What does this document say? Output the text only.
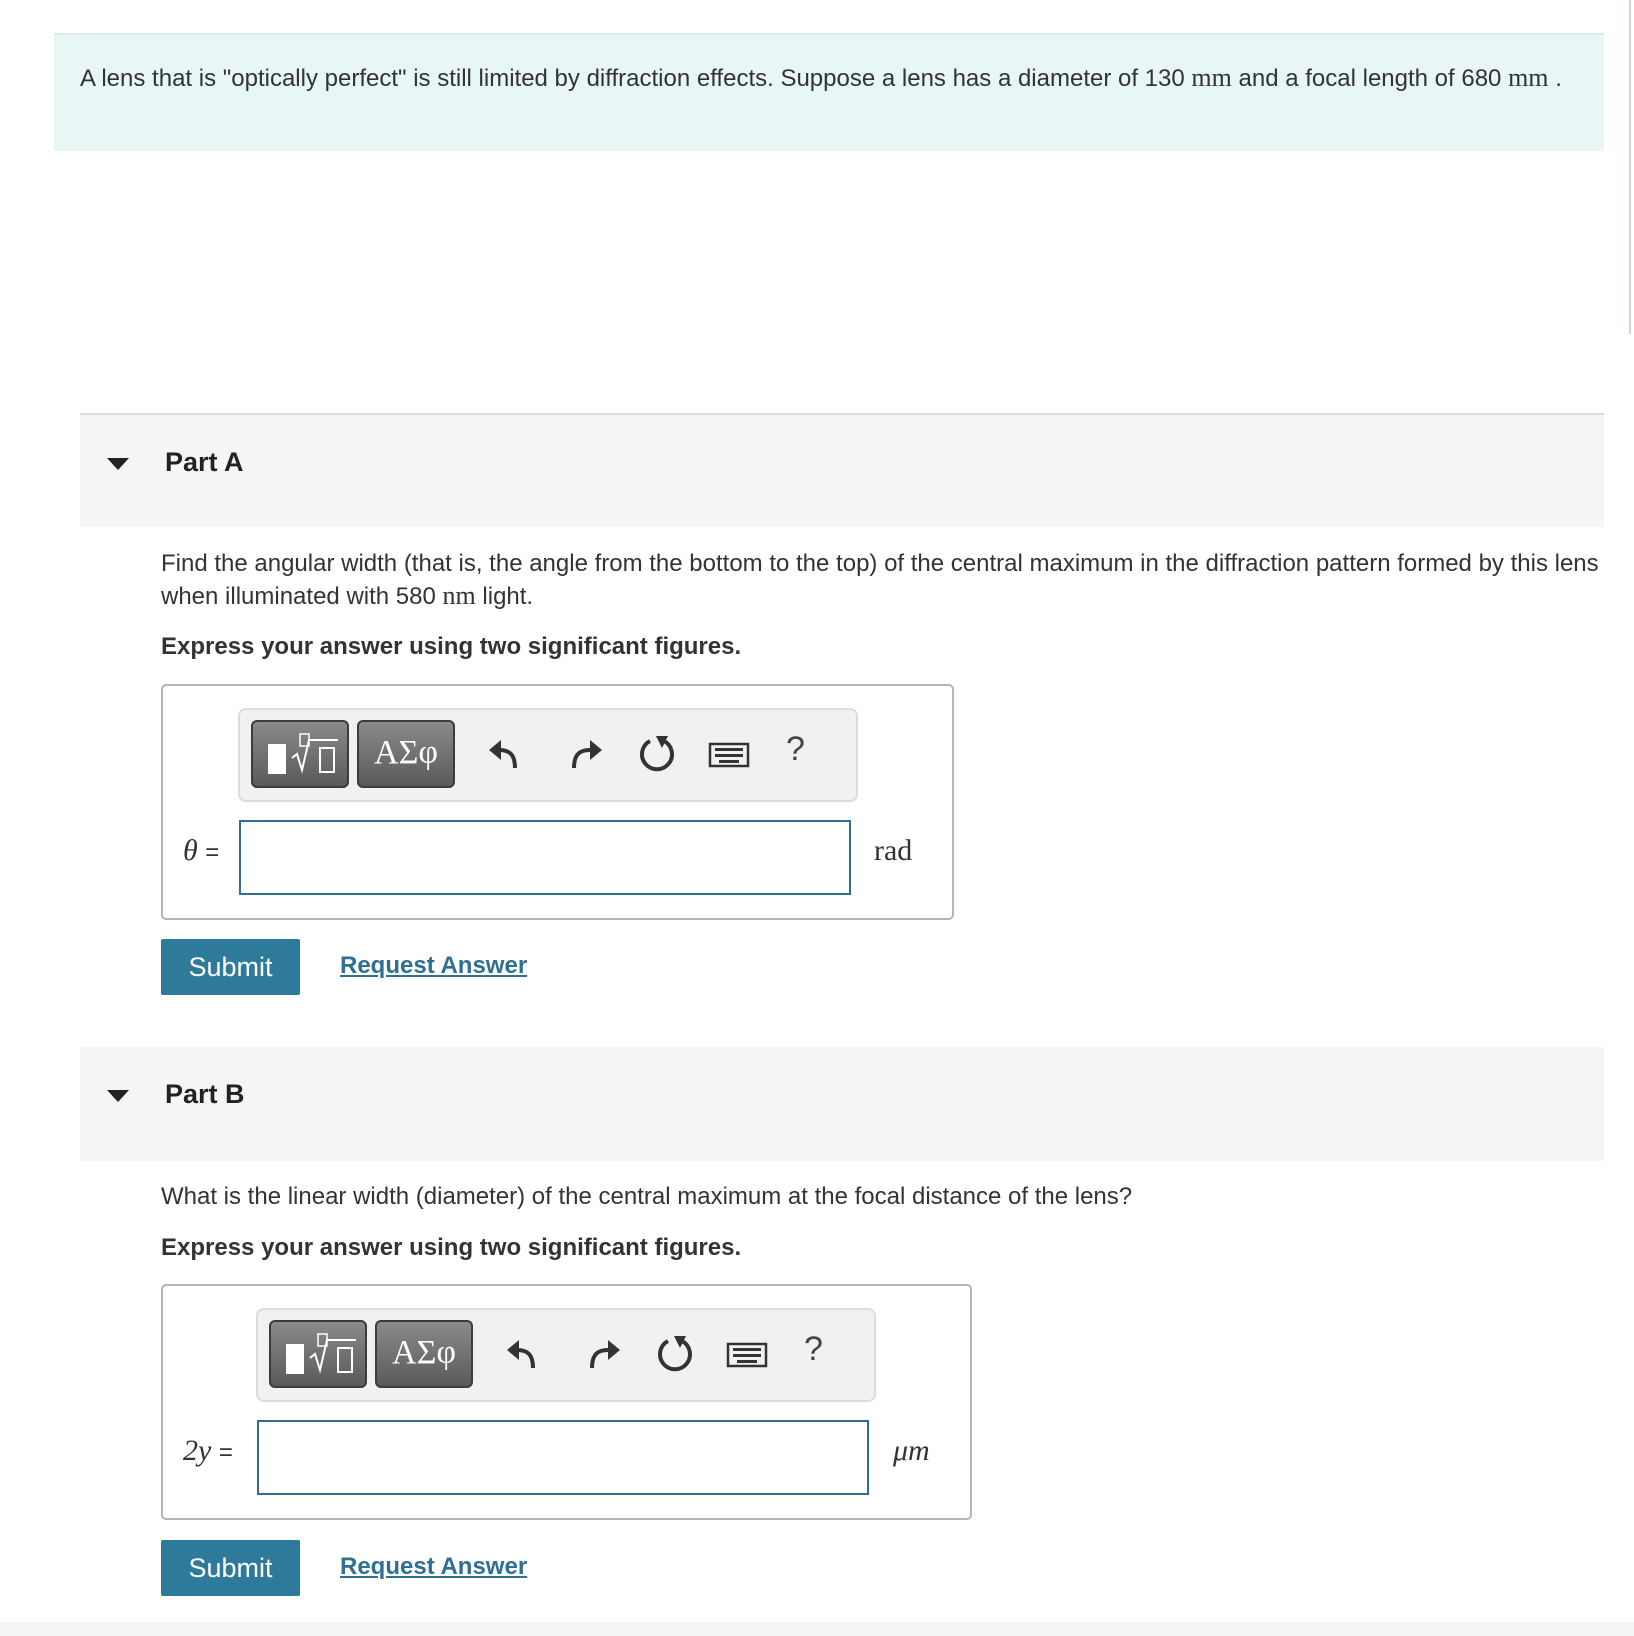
A lens that is "optically perfect" is still limited by diffraction effects. Suppose a lens has a diameter of 130 mm and a focal length of 680 mm .
Part A
Find the angular width (that is, the angle from the bottom to the top) of the central maximum in the diffraction pattern formed by this lens when illuminated with 580 nm light.
Express your answer using two significant figures.
ΑΣφ	?
θ =	rad
Submit	Request Answer
Part B
What is the linear width (diameter) of the central maximum at the focal distance of the lens?
Express your answer using two significant figures.
ΑΣφ	?
2y =	μm
Submit	Request Answer
